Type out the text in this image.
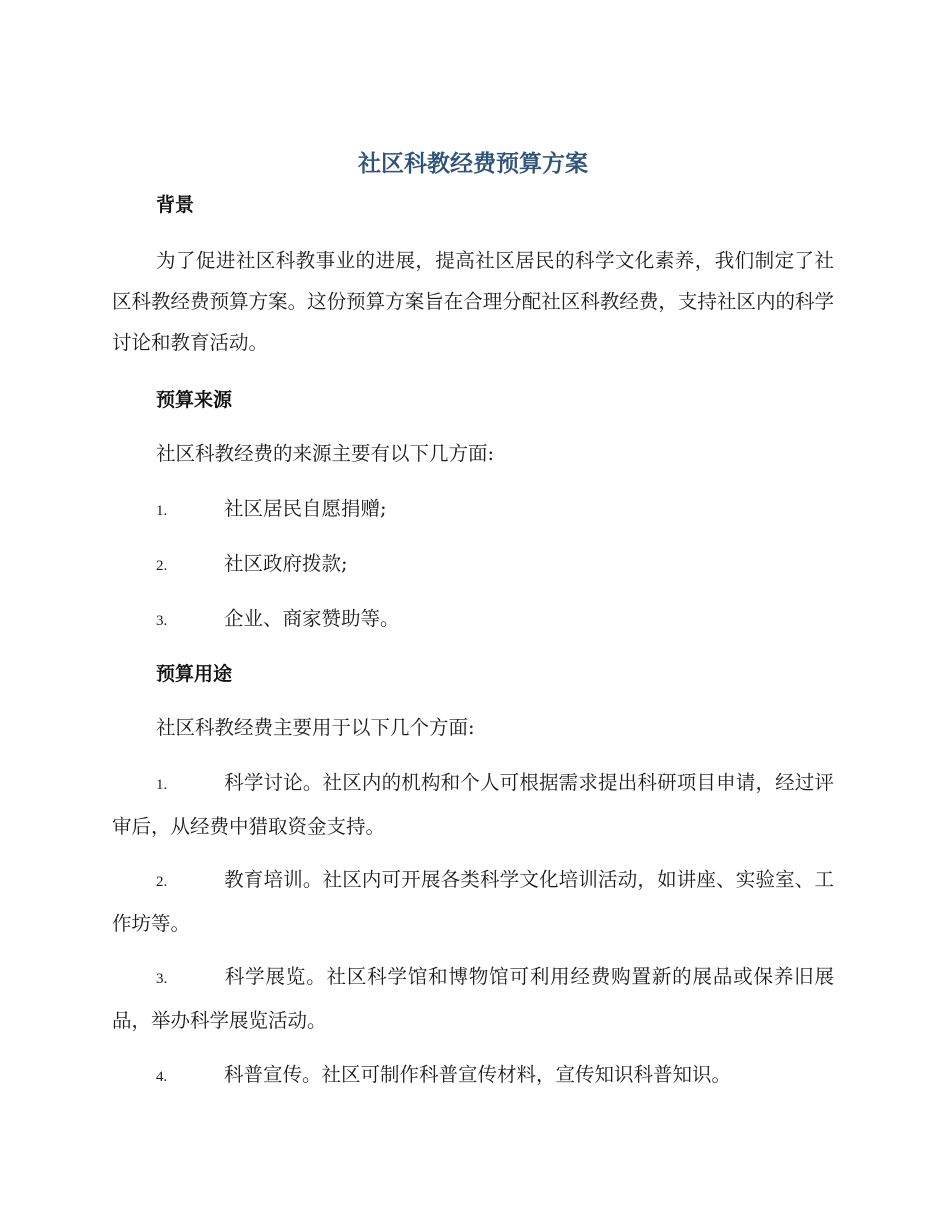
社区科教经费预算方案
背景

为了促进社区科教事业的进展，提高社区居民的科学文化素养，我们制定了社区科教经费预算方案。这份预算方案旨在合理分配社区科教经费，支持社区内的科学讨论和教育活动。

预算来源

社区科教经费的来源主要有以下几方面:

1.	社区居民自愿捐赠;
2.	社区政府拨款;
3.	企业、商家赞助等。
预算用途

社区科教经费主要用于以下几个方面:

1.	科学讨论。社区内的机构和个人可根据需求提出科研项目申请，经过评审后，从经费中猎取资金支持。
2.	教育培训。社区内可开展各类科学文化培训活动，如讲座、实验室、工作坊等。
3.	科学展览。社区科学馆和博物馆可利用经费购置新的展品或保养旧展品，举办科学展览活动。
4.	科普宣传。社区可制作科普宣传材料，宣传知识科普知识。
